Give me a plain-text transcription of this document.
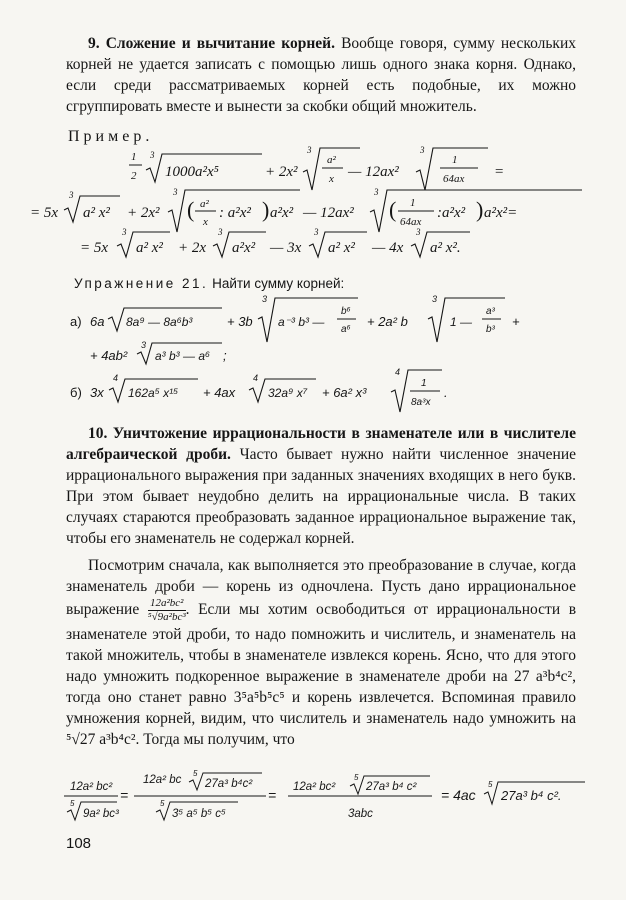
9. Сложение и вычитание корней. Вообще говоря, сумму нескольких корней не удается записать с помощью лишь одного знака корня. Однако, если среди рассматриваемых корней есть подобные, их можно сгруппировать вместе и вынести за скобки общий множитель.
Пример.
1
2
3
1000a²x⁵	+ 2x²
3
a²
x — 12ax²
3
1
64ax =
= 5x
3
a² x² + 2x²
3
( a²
x
: a²x² ) a²x² — 12ax²
3
( 1
64ax
:a²x² ) a²x²=
= 5x
3
a² x² + 2x
3
a²x² — 3x
3
a² x² — 4x
3
a² x².
Упражнение 21. Найти сумму корней:
а) 6a 8a⁹ — 8a⁶b³	+ 3b
3
a⁻³ b³ —
b⁶
a⁶
+ 2a² b
3
1 —
a³
b³
+
+ 4ab²
3
a³ b³ — a⁶ ;
б) 3x
4
162a⁵ x¹⁵ + 4ax
4
32a⁹ x⁷ + 6a² x³
4
1
8a³x
.
10. Уничтожение иррациональности в знаменателе или в числителе алгебраической дроби. Часто бывает нужно найти численное значение иррационального выражения при заданных значениях входящих в него букв. При этом бывает неудобно делить на иррациональные числа. В таких случаях стараются преобразовать заданное иррациональное выражение так, чтобы его знаменатель не содержал корней.
Посмотрим сначала, как выполняется это преобразование в случае, когда знаменатель дроби — корень из одночлена. Пусть дано иррациональное выражение $\frac{\text{12a²bc²}}{\text{⁵√9a²bc³}}$ . Если мы хотим освободиться от иррациональности в знаменателе этой дроби, то надо помножить и числитель, и знаменатель на такой множитель, чтобы в знаменателе извлекся корень. Ясно, что для этого надо умножить подкоренное выражение в знаменателе дроби на 27 a³b⁴c², тогда оно станет равно 3⁵a⁵b⁵c⁵ и корень извлечется. Вспоминая правило умножения корней, видим, что числитель и знаменатель надо умножить на ⁵√27 a³b⁴c². Тогда мы получим, что
12a² bc²
5
9a² bc³
=
12a² bc
5
27a³ b⁴c²
5
3⁵ a⁵ b⁵ c⁵
= 12a² bc²
5
27a³ b⁴ c²
3abc
= 4ac
5
27a³ b⁴ c².
108
